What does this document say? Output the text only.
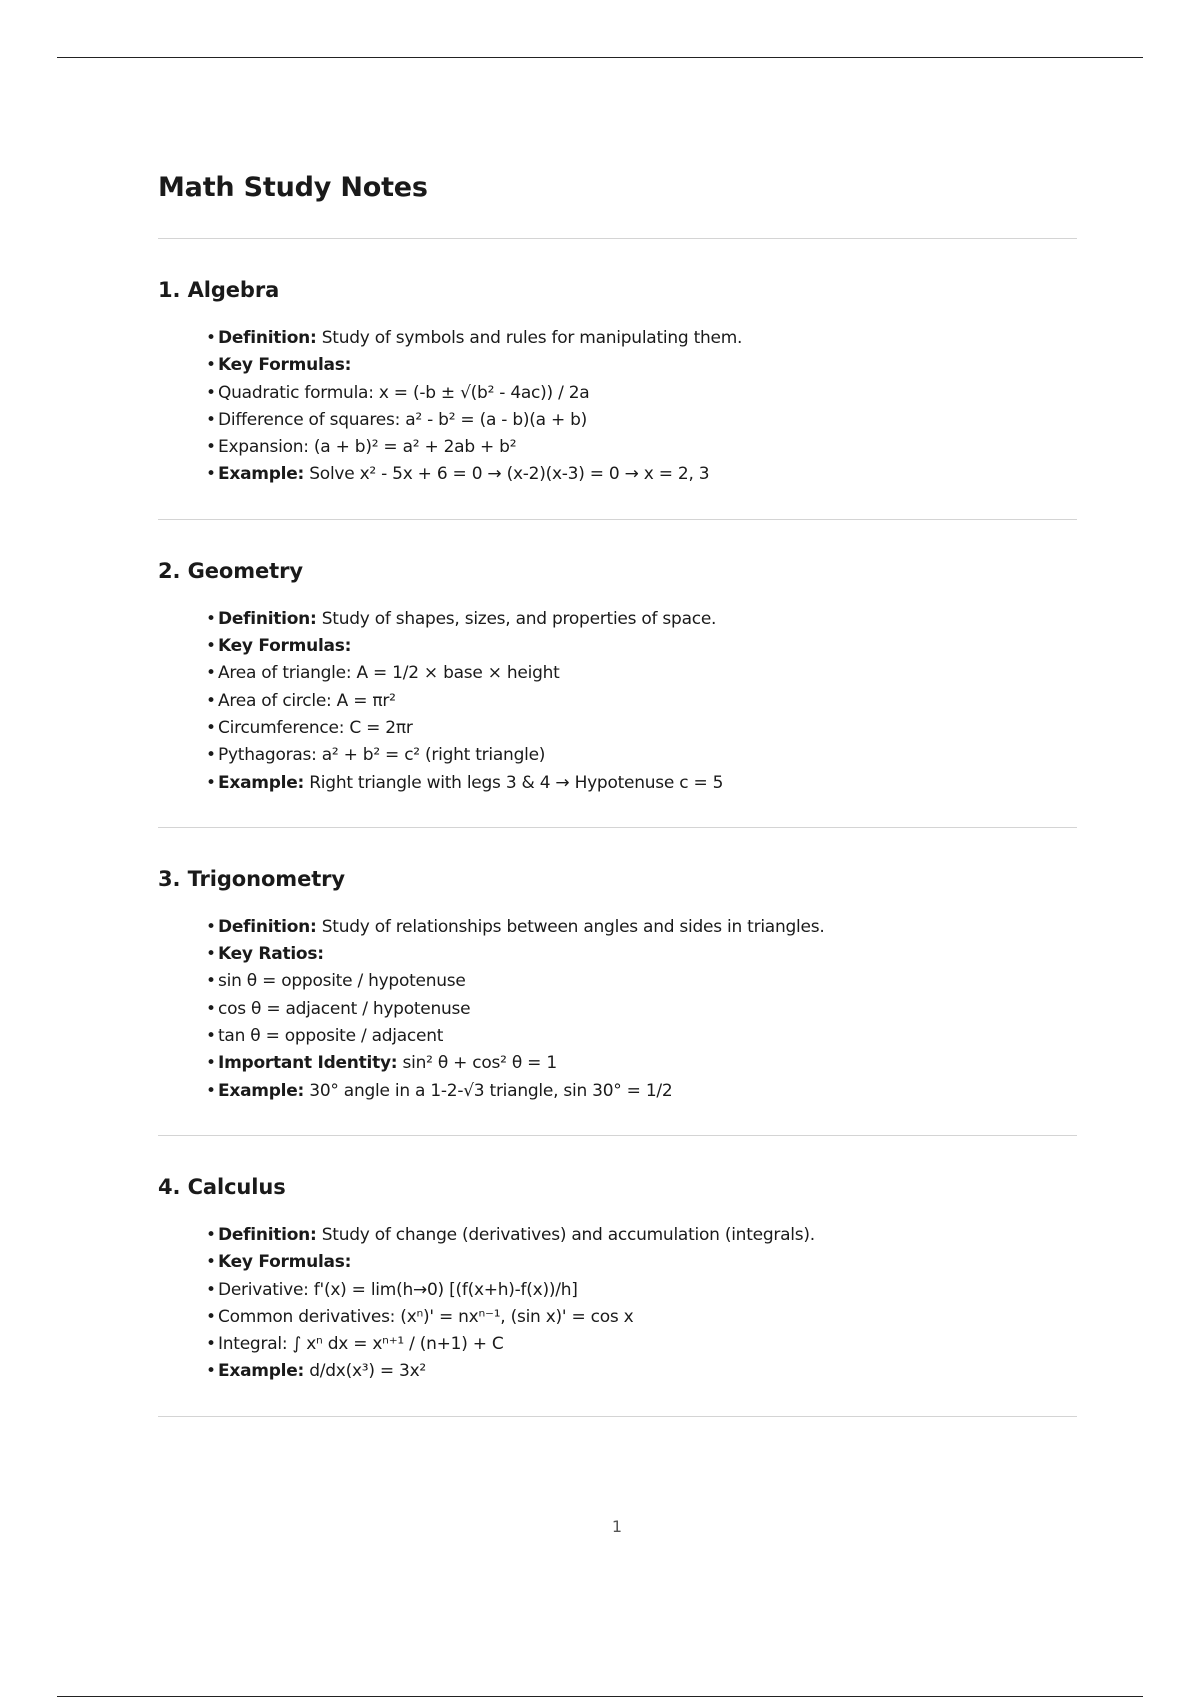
Math Study Notes
1. Algebra
• Definition: Study of symbols and rules for manipulating them.
• Key Formulas:
• Quadratic formula: x = (-b ± √(b² - 4ac)) / 2a
• Difference of squares: a² - b² = (a - b)(a + b)
• Expansion: (a + b)² = a² + 2ab + b²
• Example: Solve x² - 5x + 6 = 0 → (x-2)(x-3) = 0 → x = 2, 3
2. Geometry
• Definition: Study of shapes, sizes, and properties of space.
• Key Formulas:
• Area of triangle: A = 1/2 × base × height
• Area of circle: A = πr²
• Circumference: C = 2πr
• Pythagoras: a² + b² = c² (right triangle)
• Example: Right triangle with legs 3 & 4 → Hypotenuse c = 5
3. Trigonometry
• Definition: Study of relationships between angles and sides in triangles.
• Key Ratios:
• sin θ = opposite / hypotenuse
• cos θ = adjacent / hypotenuse
• tan θ = opposite / adjacent
• Important Identity: sin² θ + cos² θ = 1
• Example: 30° angle in a 1-2-√3 triangle, sin 30° = 1/2
4. Calculus
• Definition: Study of change (derivatives) and accumulation (integrals).
• Key Formulas:
• Derivative: f'(x) = lim(h→0) [(f(x+h)-f(x))/h]
• Common derivatives: (xⁿ)' = nxⁿ⁻¹, (sin x)' = cos x
• Integral: ∫ xⁿ dx = xⁿ⁺¹ / (n+1) + C
• Example: d/dx(x³) = 3x²
1
